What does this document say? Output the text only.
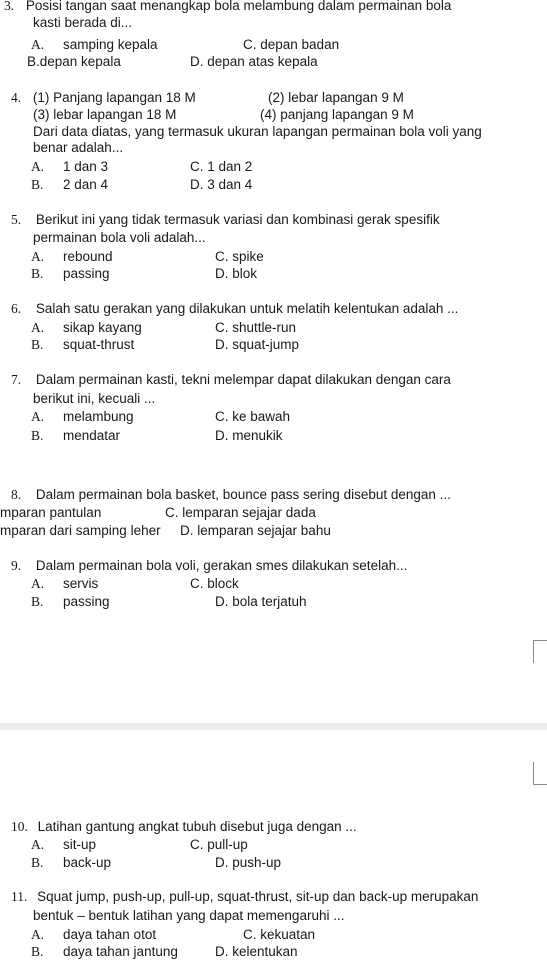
3. Posisi tangan saat menangkap bola melambung dalam permainan bola
kasti berada di...
A. samping kepala	C. depan badan
B.depan kepala	D. depan atas kepala
4. (1) Panjang lapangan 18 M	(2) lebar lapangan 9 M
(3) lebar lapangan 18 M	(4) panjang lapangan 9 M
Dari data diatas, yang termasuk ukuran lapangan permainan bola voli yang
benar adalah...
A. 1 dan 3	C. 1 dan 2
B. 2 dan 4	D. 3 dan 4
5. Berikut ini yang tidak termasuk variasi dan kombinasi gerak spesifik
permainan bola voli adalah...
A. rebound	C. spike
B. passing	D. blok
6. Salah satu gerakan yang dilakukan untuk melatih kelentukan adalah ...
A. sikap kayang	C. shuttle-run
B. squat-thrust	D. squat-jump
7. Dalam permainan kasti, tekni melempar dapat dilakukan dengan cara
berikut ini, kecuali ...
A. melambung	C. ke bawah
B. mendatar	D. menukik
8. Dalam permainan bola basket, bounce pass sering disebut dengan ...
mparan pantulan	C. lemparan sejajar dada
mparan dari samping leher D. lemparan sejajar bahu
9. Dalam permainan bola voli, gerakan smes dilakukan setelah...
A. servis	C. block
B. passing	D. bola terjatuh
10. Latihan gantung angkat tubuh disebut juga dengan ...
A. sit-up	C. pull-up
B. back-up	D. push-up
11. Squat jump, push-up, pull-up, squat-thrust, sit-up dan back-up merupakan
bentuk – bentuk latihan yang dapat memengaruhi ...
A. daya tahan otot	C. kekuatan
B. daya tahan jantung	D. kelentukan
